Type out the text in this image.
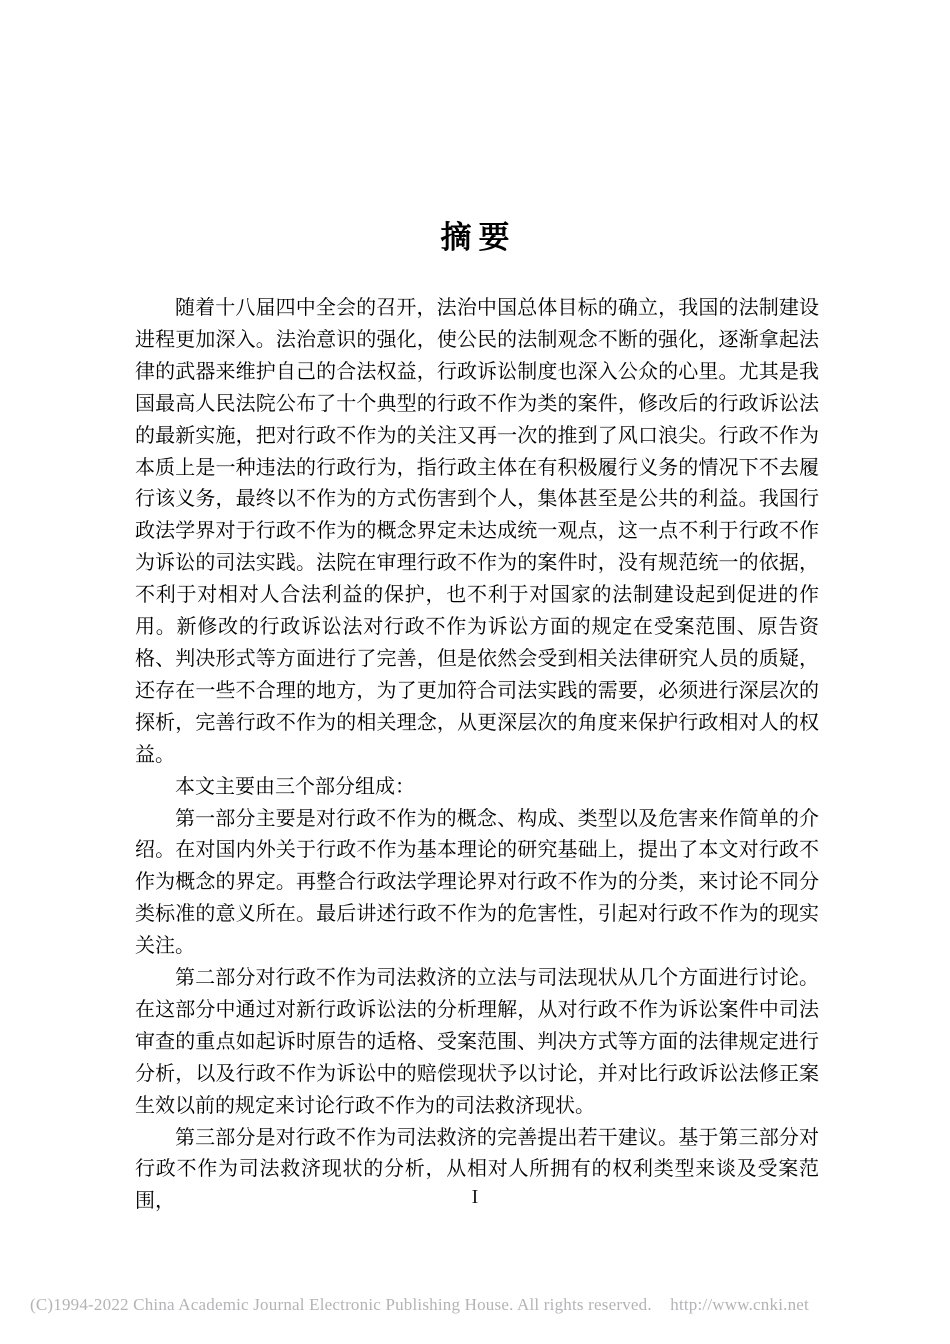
摘要

随着十八届四中全会的召开，法治中国总体目标的确立，我国的法制建设进程更加深入。法治意识的强化，使公民的法制观念不断的强化，逐渐拿起法律的武器来维护自己的合法权益，行政诉讼制度也深入公众的心里。尤其是我国最高人民法院公布了十个典型的行政不作为类的案件，修改后的行政诉讼法的最新实施，把对行政不作为的关注又再一次的推到了风口浪尖。行政不作为本质上是一种违法的行政行为，指行政主体在有积极履行义务的情况下不去履行该义务，最终以不作为的方式伤害到个人，集体甚至是公共的利益。我国行政法学界对于行政不作为的概念界定未达成统一观点，这一点不利于行政不作为诉讼的司法实践。法院在审理行政不作为的案件时，没有规范统一的依据，不利于对相对人合法利益的保护，也不利于对国家的法制建设起到促进的作用。新修改的行政诉讼法对行政不作为诉讼方面的规定在受案范围、原告资格、判决形式等方面进行了完善，但是依然会受到相关法律研究人员的质疑，还存在一些不合理的地方，为了更加符合司法实践的需要，必须进行深层次的探析，完善行政不作为的相关理念，从更深层次的角度来保护行政相对人的权益。

本文主要由三个部分组成：

第一部分主要是对行政不作为的概念、构成、类型以及危害来作简单的介绍。在对国内外关于行政不作为基本理论的研究基础上，提出了本文对行政不作为概念的界定。再整合行政法学理论界对行政不作为的分类，来讨论不同分类标准的意义所在。最后讲述行政不作为的危害性，引起对行政不作为的现实关注。

第二部分对行政不作为司法救济的立法与司法现状从几个方面进行讨论。在这部分中通过对新行政诉讼法的分析理解，从对行政不作为诉讼案件中司法审查的重点如起诉时原告的适格、受案范围、判决方式等方面的法律规定进行分析，以及行政不作为诉讼中的赔偿现状予以讨论，并对比行政诉讼法修正案生效以前的规定来讨论行政不作为的司法救济现状。

第三部分是对行政不作为司法救济的完善提出若干建议。基于第三部分对行政不作为司法救济现状的分析，从相对人所拥有的权利类型来谈及受案范围，	I
(C)1994-2022 China Academic Journal Electronic Publishing House. All rights reserved. http://www.cnki.net
